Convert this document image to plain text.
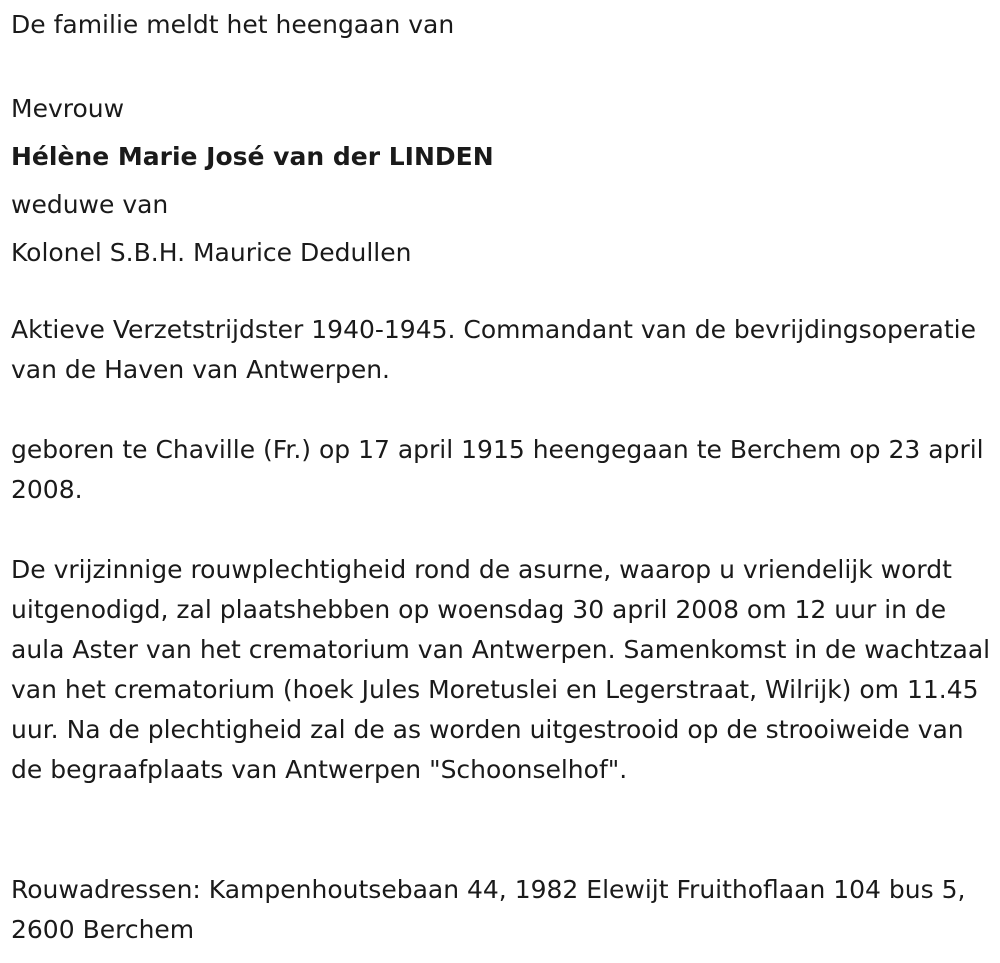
De familie meldt het heengaan van

Mevrouw

Hélène Marie José van der LINDEN

weduwe van

Kolonel S.B.H. Maurice Dedullen

Aktieve Verzetstrijdster 1940-1945. Commandant van de bevrijdingsoperatie van de Haven van Antwerpen.

geboren te Chaville (Fr.) op 17 april 1915 heengegaan te Berchem op 23 april 2008.

De vrijzinnige rouwplechtigheid rond de asurne, waarop u vriendelijk wordt uitgenodigd, zal plaatshebben op woensdag 30 april 2008 om 12 uur in de aula Aster van het crematorium van Antwerpen. Samenkomst in de wachtzaal van het crematorium (hoek Jules Moretuslei en Legerstraat, Wilrijk) om 11.45 uur. Na de plechtigheid zal de as worden uitgestrooid op de strooiweide van de begraafplaats van Antwerpen "Schoonselhof".

Rouwadressen: Kampenhoutsebaan 44, 1982 Elewijt Fruithoflaan 104 bus 5, 2600 Berchem
